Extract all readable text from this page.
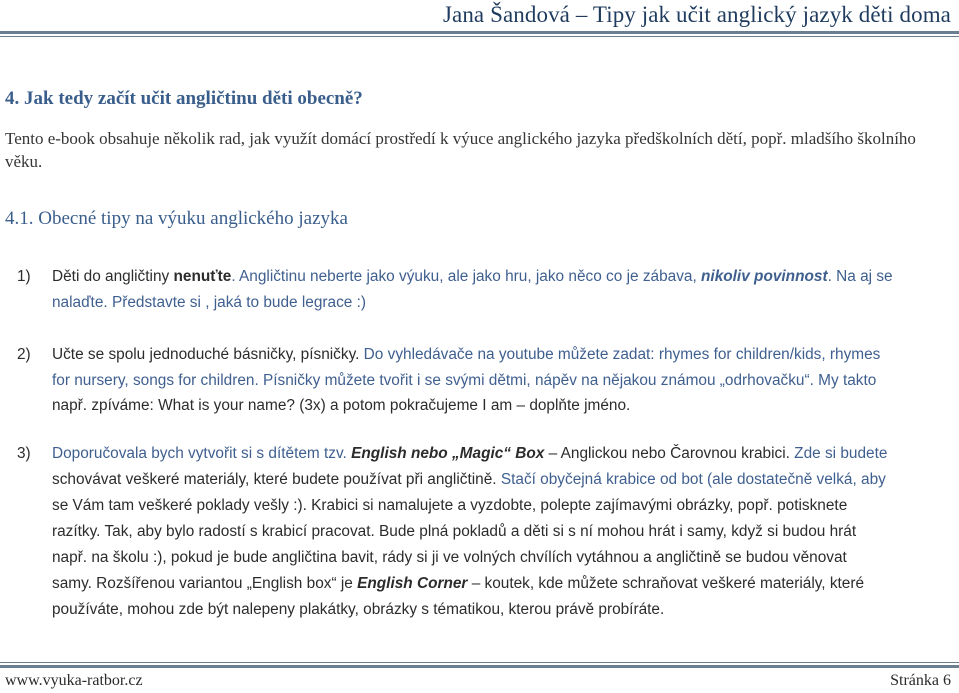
Jana Šandová – Tipy jak učit anglický jazyk děti doma
4. Jak tedy začít učit angličtinu děti obecně?
Tento e-book obsahuje několik rad, jak využít domácí prostředí k výuce anglického jazyka předškolních dětí, popř. mladšího školního
věku.
4.1. Obecné tipy na výuku anglického jazyka
1) Děti do angličtiny nenuťte. Angličtinu neberte jako výuku, ale jako hru, jako něco co je zábava, nikoliv povinnost. Na aj se
nalaďte. Představte si , jaká to bude legrace :)
2) Učte se spolu jednoduché básničky, písničky. Do vyhledávače na youtube můžete zadat: rhymes for children/kids, rhymes
for nursery, songs for children. Písničky můžete tvořit i se svými dětmi, nápěv na nějakou známou „odrhovačku“. My takto
např. zpíváme: What is your name? (3x) a potom pokračujeme I am – doplňte jméno.
3) Doporučovala bych vytvořit si s dítětem tzv. English nebo „Magic“ Box – Anglickou nebo Čarovnou krabici. Zde si budete
schovávat veškeré materiály, které budete používat při angličtině. Stačí obyčejná krabice od bot (ale dostatečně velká, aby
se Vám tam veškeré poklady vešly :). Krabici si namalujete a vyzdobte, polepte zajímavými obrázky, popř. potisknete
razítky. Tak, aby bylo radostí s krabicí pracovat. Bude plná pokladů a děti si s ní mohou hrát i samy, když si budou hrát
např. na školu :), pokud je bude angličtina bavit, rády si ji ve volných chvílích vytáhnou a angličtině se budou věnovat
samy. Rozšířenou variantou „English box“ je English Corner – koutek, kde můžete schraňovat veškeré materiály, které
používáte, mohou zde být nalepeny plakátky, obrázky s tématikou, kterou právě probíráte.
www.vyuka-ratbor.cz	Stránka 6
